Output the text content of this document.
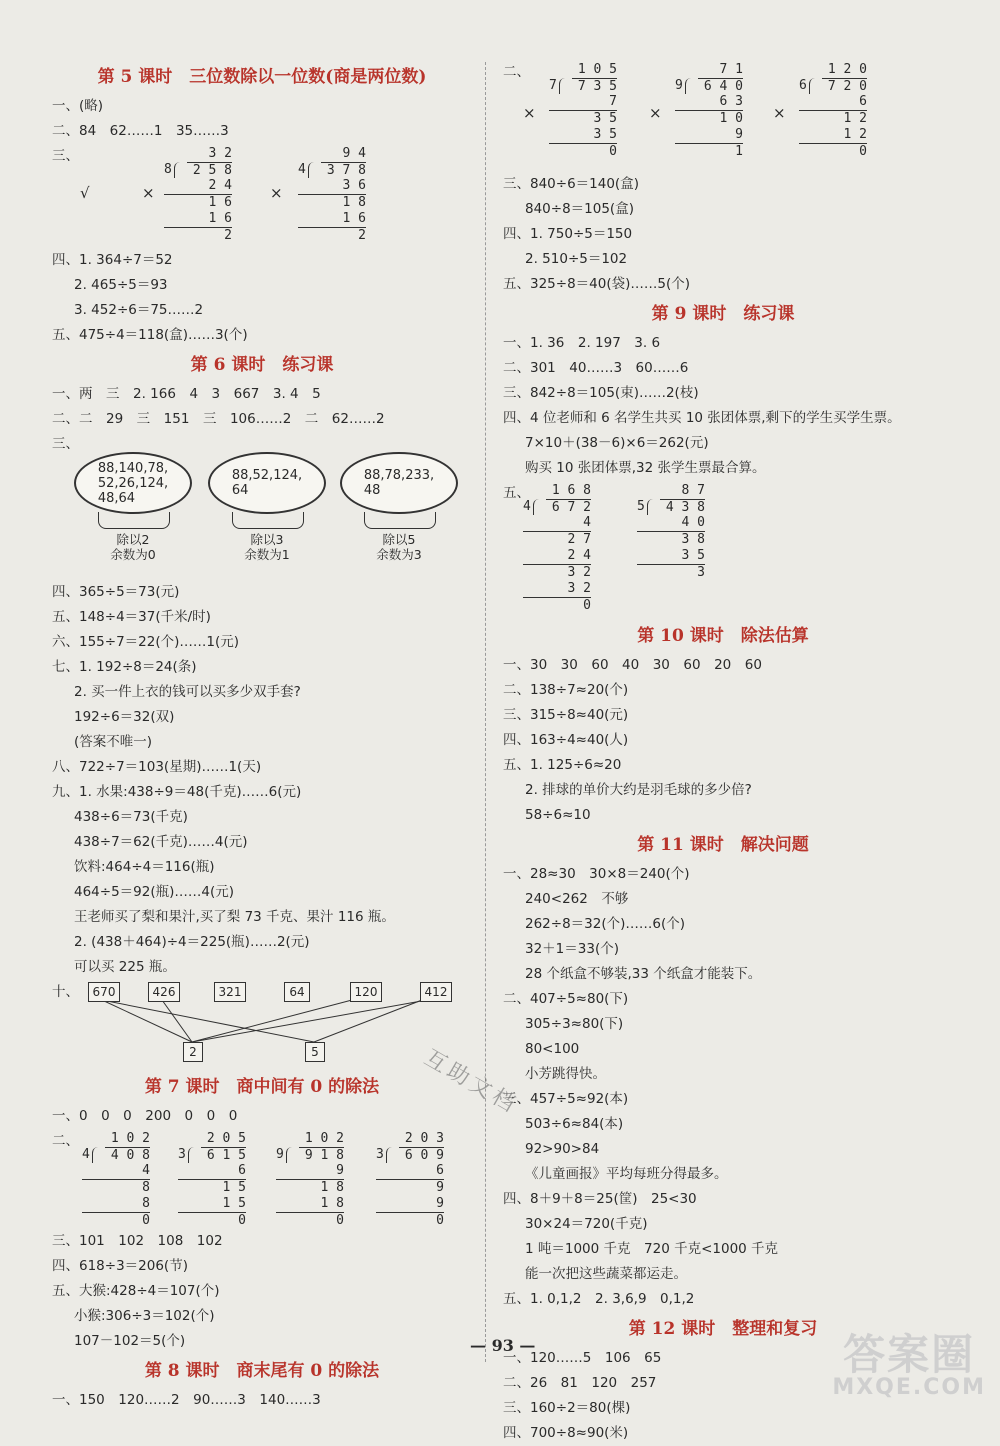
第 5 课时　三位数除以一位数(商是两位数)
一、(略)
二、84　62……1　35……3
三、
√	×
3 2
8 2 5 8
2 4
1 6
1 6
2
×
9 4
4 3 7 8
3 6
1 8
1 6
2
四、1. 364÷7＝52
2. 465÷5＝93
3. 452÷6＝75……2
五、475÷4＝118(盒)……3(个)
第 6 课时　练习课
一、两　三　2. 166　4　3　667　3. 4　5
二、二　29　三　151　三　106……2　二　62……2
三、
88,140,78,
52,26,124,
48,64
除以2
余数为0
88,52,124,
64
除以3
余数为1
88,78,233,
48
除以5
余数为3
四、365÷5＝73(元)
五、148÷4＝37(千米/时)
六、155÷7＝22(个)……1(元)
七、1. 192÷8＝24(条)
2. 买一件上衣的钱可以买多少双手套?
192÷6＝32(双)
(答案不唯一)
八、722÷7＝103(星期)……1(天)
九、1. 水果:438÷9＝48(千克)……6(元)
438÷6＝73(千克)
438÷7＝62(千克)……4(元)
饮料:464÷4＝116(瓶)
464÷5＝92(瓶)……4(元)
王老师买了梨和果汁,买了梨 73 千克、果汁 116 瓶。
2. (438＋464)÷4＝225(瓶)……2(元)
可以买 225 瓶。
十、	670	426	321	64	120	412
2	5
第 7 课时　商中间有 0 的除法
一、0　0　0　200　0　0　0
二、	1 0 2
4 4 0 8
4
8
8
0
2 0 5
3 6 1 5
6
1 5
1 5
0
1 0 2
9 9 1 8
9
1 8
1 8
0
2 0 3
3 6 0 9
6
9
9
0
三、101　102　108　102
四、618÷3＝206(节)
五、大猴:428÷4＝107(个)
小猴:306÷3＝102(个)
107－102＝5(个)
第 8 课时　商末尾有 0 的除法
一、150　120……2　90……3　140……3
二、
×
1 0 5
7 7 3 5
7
3 5
3 5
0
×
7 1
9 6 4 0
6 3
1 0
9
1
×
1 2 0
6 7 2 0
6
1 2
1 2
0
三、840÷6＝140(盒)
840÷8＝105(盒)
四、1. 750÷5＝150
2. 510÷5＝102
五、325÷8＝40(袋)……5(个)
第 9 课时　练习课
一、1. 36　2. 197　3. 6
二、301　40……3　60……6
三、842÷8＝105(束)……2(枝)
四、4 位老师和 6 名学生共买 10 张团体票,剩下的学生买学生票。
7×10＋(38－6)×6＝262(元)
购买 10 张团体票,32 张学生票最合算。
五、	1 6 8
4 6 7 2
4
2 7
2 4
3 2
3 2
0
8 7
5 4 3 8
4 0
3 8
3 5
3
第 10 课时　除法估算
一、30　30　60　40　30　60　20　60
二、138÷7≈20(个)
三、315÷8≈40(元)
四、163÷4≈40(人)
五、1. 125÷6≈20
2. 排球的单价大约是羽毛球的多少倍?
58÷6≈10
第 11 课时　解决问题
一、28≈30　30×8＝240(个)
240<262　不够
262÷8＝32(个)……6(个)
32＋1＝33(个)
28 个纸盒不够装,33 个纸盒才能装下。
二、407÷5≈80(下)
305÷3≈80(下)
80<100
小芳跳得快。
三、457÷5≈92(本)
503÷6≈84(本)
92>90>84
《儿童画报》平均每班分得最多。
四、8＋9＋8＝25(筐)　25<30
30×24＝720(千克)
1 吨＝1000 千克　720 千克<1000 千克
能一次把这些蔬菜都运走。
五、1. 0,1,2　2. 3,6,9　0,1,2
第 12 课时　整理和复习
一、120……5　106　65
二、26　81　120　257
三、160÷2＝80(棵)
四、700÷8≈90(米)
互助文档
— 93 —	答案圈
MXQE.COM
